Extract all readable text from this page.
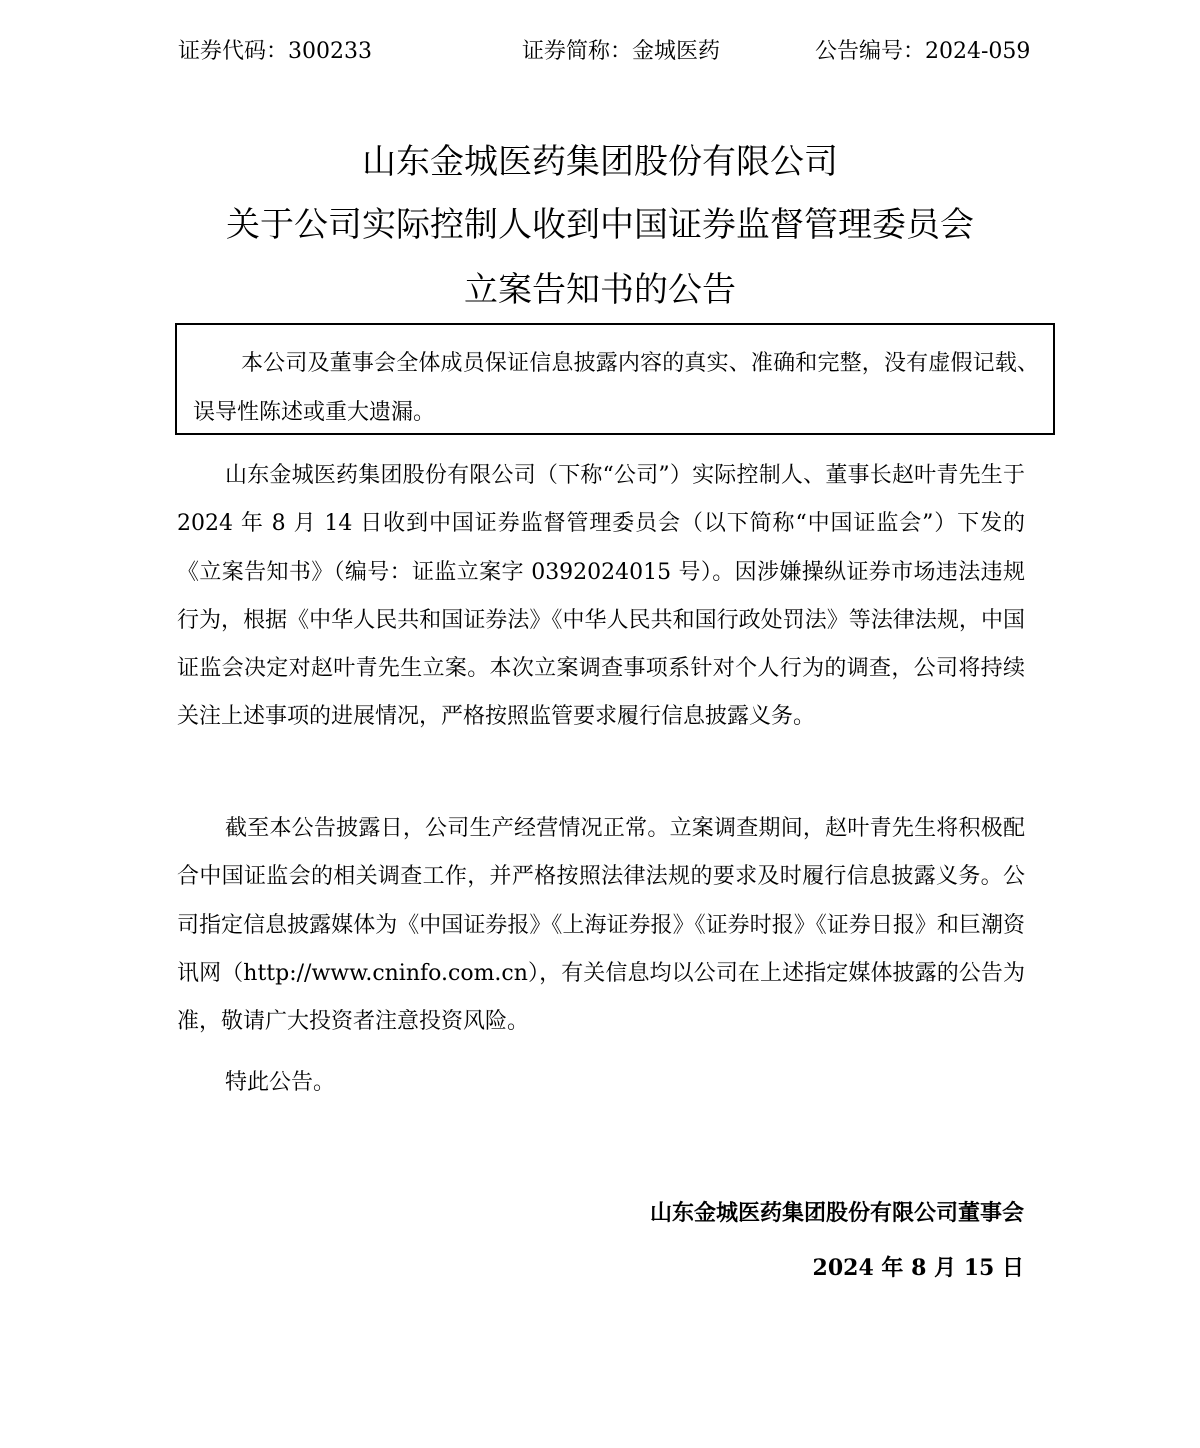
证券代码：300233	证券简称：金城医药	公告编号：2024-059
山东金城医药集团股份有限公司
关于公司实际控制人收到中国证券监督管理委员会
立案告知书的公告

本公司及董事会全体成员保证信息披露内容的真实、准确和完整，没有虚假记载、误导性陈述或重大遗漏。

山东金城医药集团股份有限公司（下称“公司”）实际控制人、董事长赵叶青先生于 2024 年 8 月 14 日收到中国证券监督管理委员会（以下简称“中国证监会”）下发的《立案告知书》（编号：证监立案字 0392024015 号）。因涉嫌操纵证券市场违法违规行为，根据《中华人民共和国证券法》《中华人民共和国行政处罚法》等法律法规，中国证监会决定对赵叶青先生立案。本次立案调查事项系针对个人行为的调查，公司将持续关注上述事项的进展情况，严格按照监管要求履行信息披露义务。

截至本公告披露日，公司生产经营情况正常。立案调查期间，赵叶青先生将积极配合中国证监会的相关调查工作，并严格按照法律法规的要求及时履行信息披露义务。公司指定信息披露媒体为《中国证券报》《上海证券报》《证券时报》《证券日报》和巨潮资讯网（http://www.cninfo.com.cn），有关信息均以公司在上述指定媒体披露的公告为准，敬请广大投资者注意投资风险。

特此公告。

山东金城医药集团股份有限公司董事会
2024 年 8 月 15 日
